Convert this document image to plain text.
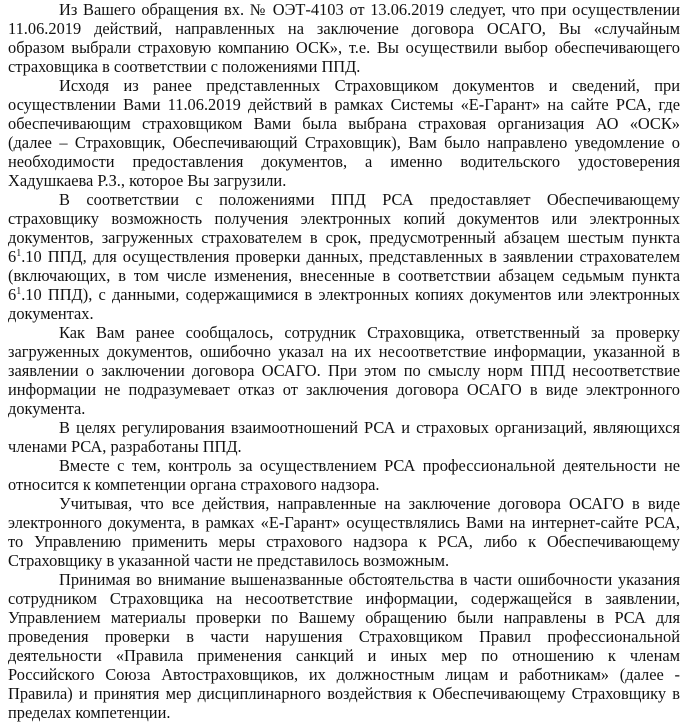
Из Вашего обращения вх. № ОЭТ-4103 от 13.06.2019 следует, что при осуществлении

11.06.2019 действий, направленных на заключение договора ОСАГО, Вы «случайным

образом выбрали страховую компанию ОСК», т.е. Вы осуществили выбор обеспечивающего

страховщика в соответствии с положениями ППД.

Исходя из ранее представленных Страховщиком документов и сведений, при

осуществлении Вами 11.06.2019 действий в рамках Системы «Е-Гарант» на сайте РСА, где

обеспечивающим страховщиком Вами была выбрана страховая организация АО «ОСК»

(далее – Страховщик, Обеспечивающий Страховщик), Вам было направлено уведомление о

необходимости предоставления документов, а именно водительского удостоверения

Хадушкаева Р.З., которое Вы загрузили.

В соответствии с положениями ППД РСА предоставляет Обеспечивающему

страховщику возможность получения электронных копий документов или электронных

документов, загруженных страхователем в срок, предусмотренный абзацем шестым пункта

$6^1.10$ ППД, для осуществления проверки данных, представленных в заявлении страхователем

(включающих, в том числе изменения, внесенные в соответствии абзацем седьмым пункта

$6^1.10$ ППД), с данными, содержащимися в электронных копиях документов или электронных

документах.

Как Вам ранее сообщалось, сотрудник Страховщика, ответственный за проверку

загруженных документов, ошибочно указал на их несоответствие информации, указанной в

заявлении о заключении договора ОСАГО. При этом по смыслу норм ППД несоответствие

информации не подразумевает отказ от заключения договора ОСАГО в виде электронного

документа.

В целях регулирования взаимоотношений РСА и страховых организаций, являющихся

членами РСА, разработаны ППД.

Вместе с тем, контроль за осуществлением РСА профессиональной деятельности не

относится к компетенции органа страхового надзора.

Учитывая, что все действия, направленные на заключение договора ОСАГО в виде

электронного документа, в рамках «Е-Гарант» осуществлялись Вами на интернет-сайте РСА,

то Управлению применить меры страхового надзора к РСА, либо к Обеспечивающему

Страховщику в указанной части не представилось возможным.

Принимая во внимание вышеназванные обстоятельства в части ошибочности указания

сотрудником Страховщика на несоответствие информации, содержащейся в заявлении,

Управлением материалы проверки по Вашему обращению были направлены в РСА для

проведения проверки в части нарушения Страховщиком Правил профессиональной

деятельности «Правила применения санкций и иных мер по отношению к членам

Российского Союза Автостраховщиков, их должностным лицам и работникам» (далее -

Правила) и принятия мер дисциплинарного воздействия к Обеспечивающему Страховщику в

пределах компетенции.
